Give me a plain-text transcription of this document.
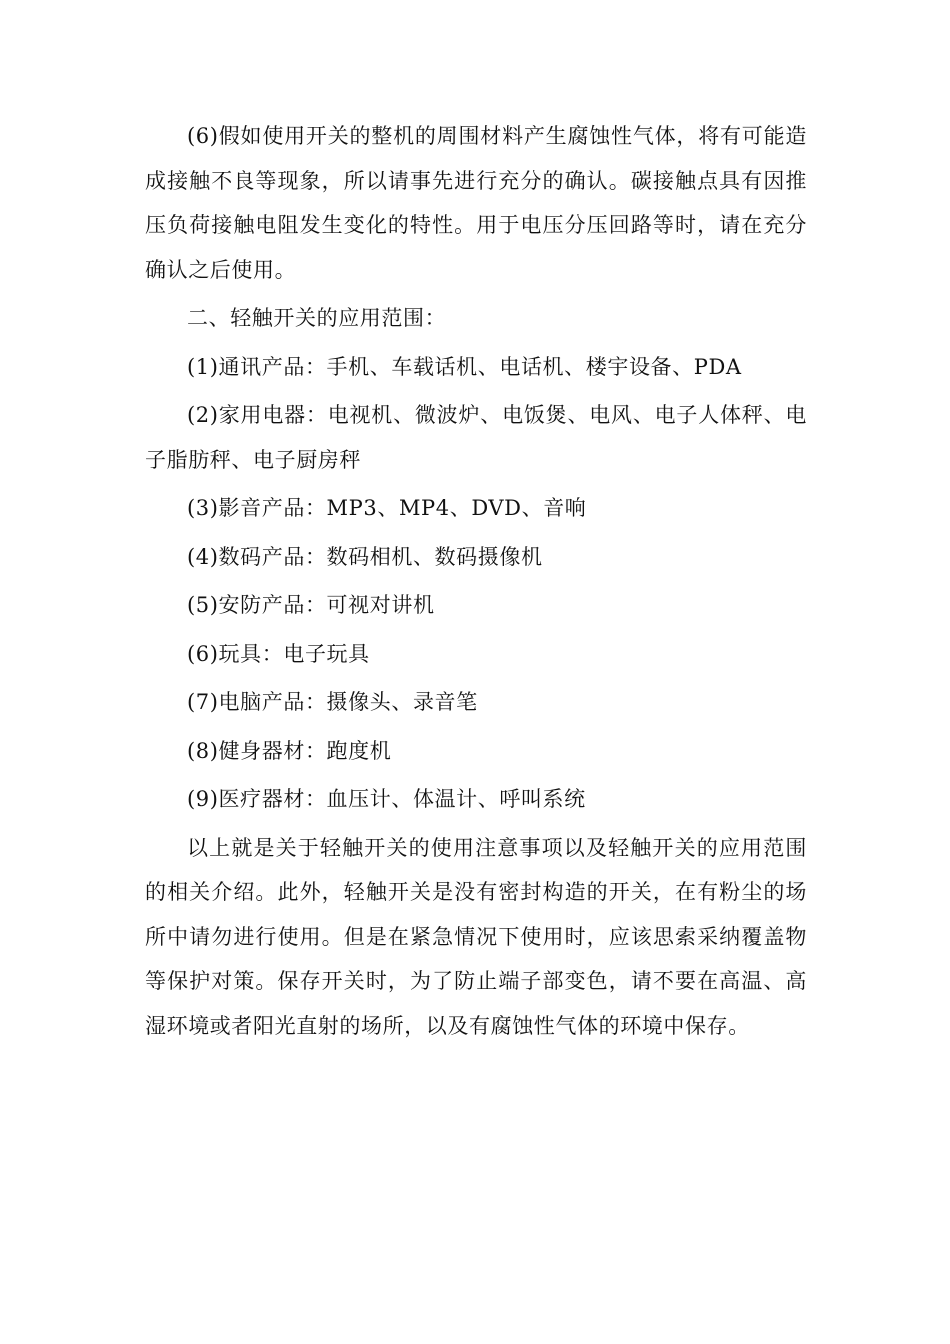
(6)假如使用开关的整机的周围材料产生腐蚀性气体，将有可能造成接触不良等现象，所以请事先进行充分的确认。碳接触点具有因推压负荷接触电阻发生变化的特性。用于电压分压回路等时，请在充分确认之后使用。

二、轻触开关的应用范围：

(1)通讯产品：手机、车载话机、电话机、楼宇设备、PDA

(2)家用电器：电视机、微波炉、电饭煲、电风、电子人体秤、电子脂肪秤、电子厨房秤

(3)影音产品：MP3、MP4、DVD、音响

(4)数码产品：数码相机、数码摄像机

(5)安防产品：可视对讲机

(6)玩具：电子玩具

(7)电脑产品：摄像头、录音笔

(8)健身器材：跑度机

(9)医疗器材：血压计、体温计、呼叫系统

以上就是关于轻触开关的使用注意事项以及轻触开关的应用范围的相关介绍。此外，轻触开关是没有密封构造的开关，在有粉尘的场所中请勿进行使用。但是在紧急情况下使用时，应该思索采纳覆盖物等保护对策。保存开关时，为了防止端子部变色，请不要在高温、高湿环境或者阳光直射的场所，以及有腐蚀性气体的环境中保存。
